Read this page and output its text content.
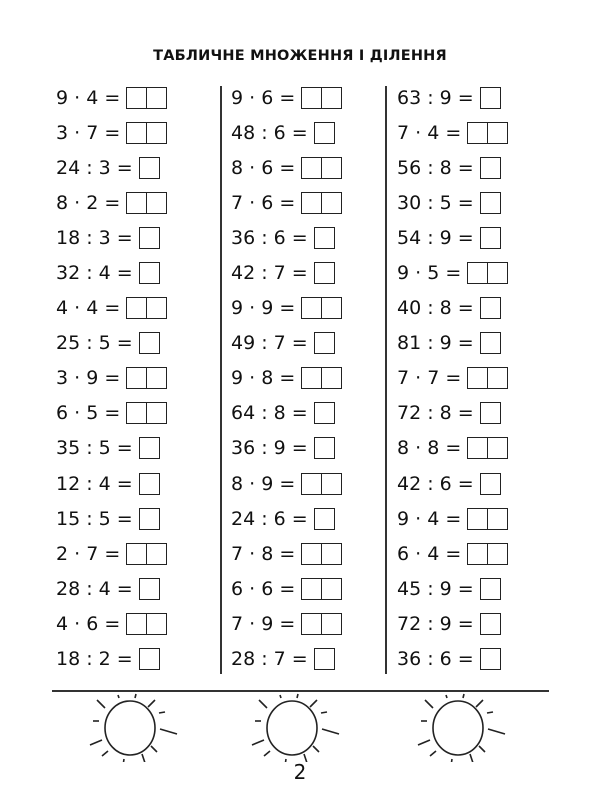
ТАБЛИЧНЕ МНОЖЕННЯ І ДІЛЕННЯ
9 · 4 =
3 · 7 =
24 : 3 =
8 · 2 =
18 : 3 =
32 : 4 =
4 · 4 =
25 : 5 =
3 · 9 =
6 · 5 =
35 : 5 =
12 : 4 =
15 : 5 =
2 · 7 =
28 : 4 =
4 · 6 =
18 : 2 =
9 · 6 =
48 : 6 =
8 · 6 =
7 · 6 =
36 : 6 =
42 : 7 =
9 · 9 =
49 : 7 =
9 · 8 =
64 : 8 =
36 : 9 =
8 · 9 =
24 : 6 =
7 · 8 =
6 · 6 =
7 · 9 =
28 : 7 =
63 : 9 =
7 · 4 =
56 : 8 =
30 : 5 =
54 : 9 =
9 · 5 =
40 : 8 =
81 : 9 =
7 · 7 =
72 : 8 =
8 · 8 =
42 : 6 =
9 · 4 =
6 · 4 =
45 : 9 =
72 : 9 =
36 : 6 =
2
